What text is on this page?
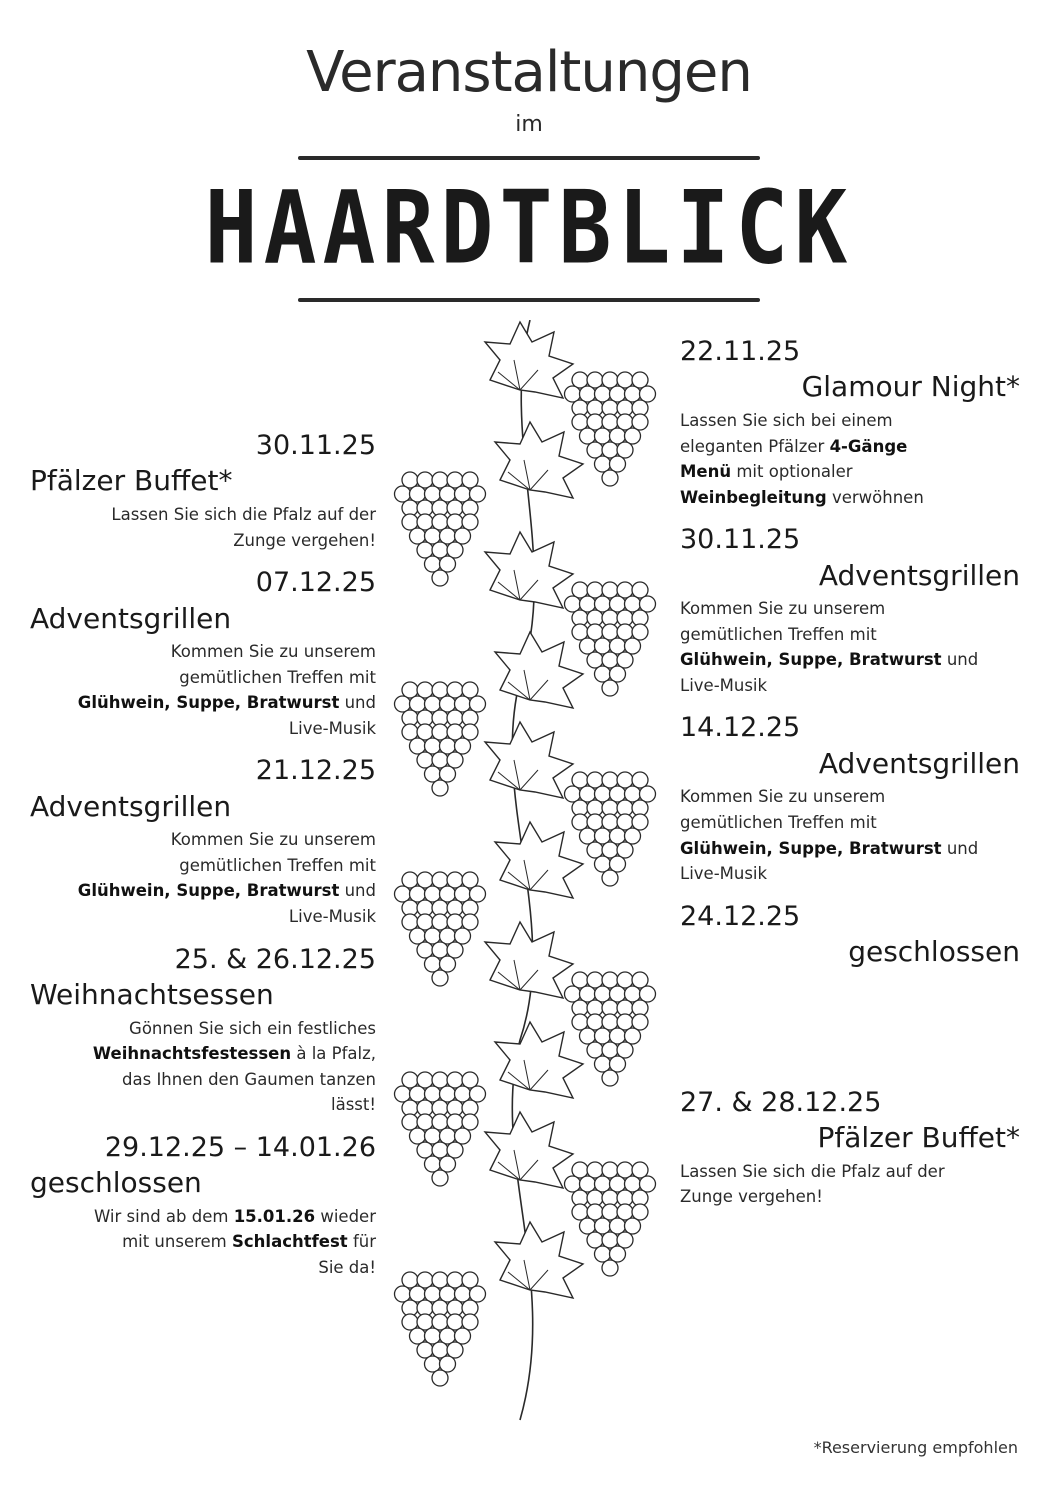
Veranstaltungen
im
HAARDTBLICK
30.11.25
Pfälzer Buffet*
Lassen Sie sich die Pfalz auf der
Zunge vergehen!
07.12.25
Adventsgrillen
Kommen Sie zu unserem
gemütlichen Treffen mit
Glühwein, Suppe, Bratwurst und
Live-Musik
21.12.25
Adventsgrillen
Kommen Sie zu unserem
gemütlichen Treffen mit
Glühwein, Suppe, Bratwurst und
Live-Musik
25. & 26.12.25
Weihnachtsessen
Gönnen Sie sich ein festliches
Weihnachtsfestessen à la Pfalz,
das Ihnen den Gaumen tanzen
lässt!
29.12.25 – 14.01.26
geschlossen
Wir sind ab dem 15.01.26 wieder
mit unserem Schlachtfest für
Sie da!
22.11.25
Glamour Night*
Lassen Sie sich bei einem
eleganten Pfälzer 4-Gänge
Menü mit optionaler
Weinbegleitung verwöhnen
30.11.25
Adventsgrillen
Kommen Sie zu unserem
gemütlichen Treffen mit
Glühwein, Suppe, Bratwurst und
Live-Musik
14.12.25
Adventsgrillen
Kommen Sie zu unserem
gemütlichen Treffen mit
Glühwein, Suppe, Bratwurst und
Live-Musik
24.12.25
geschlossen
27. & 28.12.25
Pfälzer Buffet*
Lassen Sie sich die Pfalz auf der
Zunge vergehen!
*Reservierung empfohlen
